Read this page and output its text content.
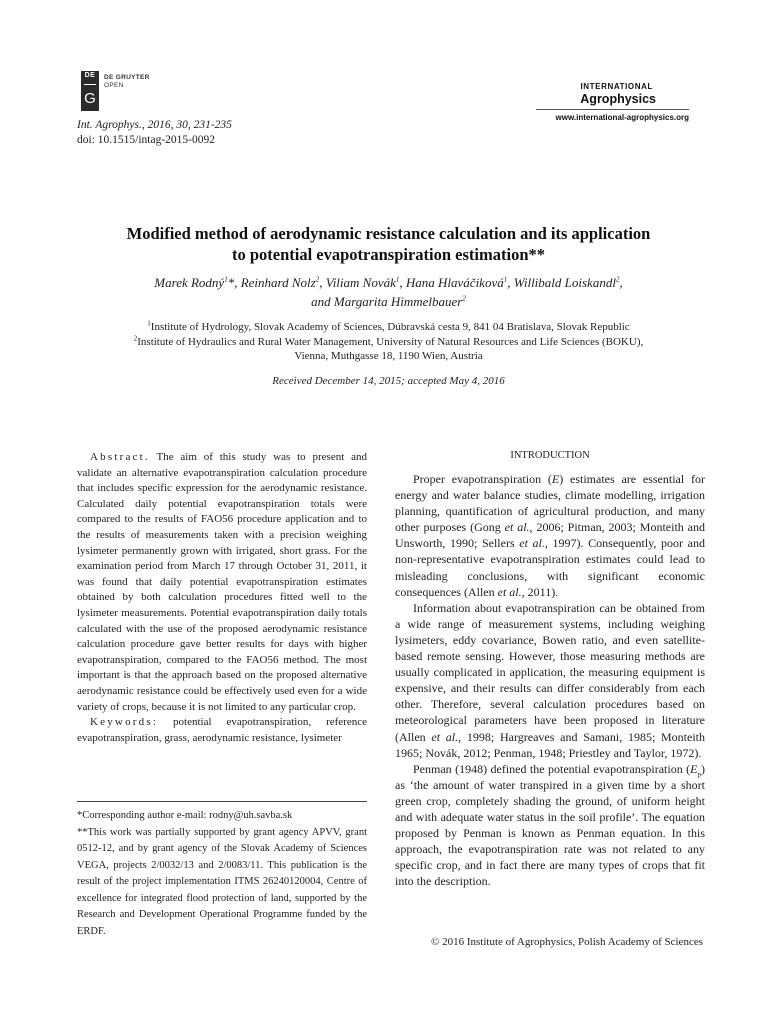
DE
G
DE GRUYTER
OPEN
Int. Agrophys., 2016, 30, 231-235
doi: 10.1515/intag-2015-0092
INTERNATIONAL
Agrophysics
www.international-agrophysics.org
Modified method of aerodynamic resistance calculation and its application
to potential evapotranspiration estimation**
Marek Rodný$^1$*, Reinhard Nolz$^2$, Viliam Novák$^1$, Hana Hlaváčiková$^1$, Willibald Loiskandl$^2$,
and Margarita Himmelbauer$^2$
$^1$Institute of Hydrology, Slovak Academy of Sciences, Dúbravská cesta 9, 841 04 Bratislava, Slovak Republic
$^2$Institute of Hydraulics and Rural Water Management, University of Natural Resources and Life Sciences (BOKU),
Vienna, Muthgasse 18, 1190 Wien, Austria
Received December 14, 2015; accepted May 4, 2016

Abstract. The aim of this study was to present and validate an alternative evapotranspiration calculation procedure that includes specific expression for the aerodynamic resistance. Calculated daily potential evapotranspiration totals were compared to the results of FAO56 procedure application and to the results of measurements taken with a precision weighing lysimeter permanently grown with irrigated, short grass. For the examination period from March 17 through October 31, 2011, it was found that daily potential evapotranspiration estimates obtained by both calculation procedures fitted well to the lysimeter measurements. Potential evapotranspiration daily totals calculated with the use of the proposed aerodynamic resistance calculation procedure gave better results for days with higher evapotranspiration, compared to the FAO56 method. The most important is that the approach based on the proposed alternative aerodynamic resistance could be effectively used even for a wide variety of crops, because it is not limited to any particular crop.

Keywords: potential evapotranspiration, reference evapotranspiration, grass, aerodynamic resistance, lysimeter

*Corresponding author e-mail: rodny@uh.savba.sk

**This work was partially supported by grant agency APVV, grant 0512-12, and by grant agency of the Slovak Academy of Sciences VEGA, projects 2/0032/13 and 2/0083/11. This publication is the result of the project implementation ITMS 26240120004, Centre of excellence for integrated flood protection of land, supported by the Research and Development Operational Programme funded by the ERDF.

INTRODUCTION

Proper evapotranspiration (E) estimates are essential for energy and water balance studies, climate modelling, irrigation planning, quantification of agricultural production, and many other purposes (Gong et al., 2006; Pitman, 2003; Monteith and Unsworth, 1990; Sellers et al., 1997). Consequently, poor and non-representative evapotranspiration estimates could lead to misleading conclusions, with significant economic consequences (Allen et al., 2011).

Information about evapotranspiration can be obtained from a wide range of measurement systems, including weighing lysimeters, eddy covariance, Bowen ratio, and even satellite-based remote sensing. However, those measuring methods are usually complicated in application, the measuring equipment is expensive, and their results can differ considerably from each other. Therefore, several calculation procedures based on meteorological parameters have been proposed in literature (Allen et al., 1998; Hargreaves and Samani, 1985; Monteith 1965; Novák, 2012; Penman, 1948; Priestley and Taylor, 1972).

Penman (1948) defined the potential evapotranspiration $(E_p)$ as ‘the amount of water transpired in a given time by a short green crop, completely shading the ground, of uniform height and with adequate water status in the soil profile’. The equation proposed by Penman is known as Penman equation. In this approach, the evapotranspiration rate was not related to any specific crop, and in fact there are many types of crops that fit into the description.

© 2016 Institute of Agrophysics, Polish Academy of Sciences
